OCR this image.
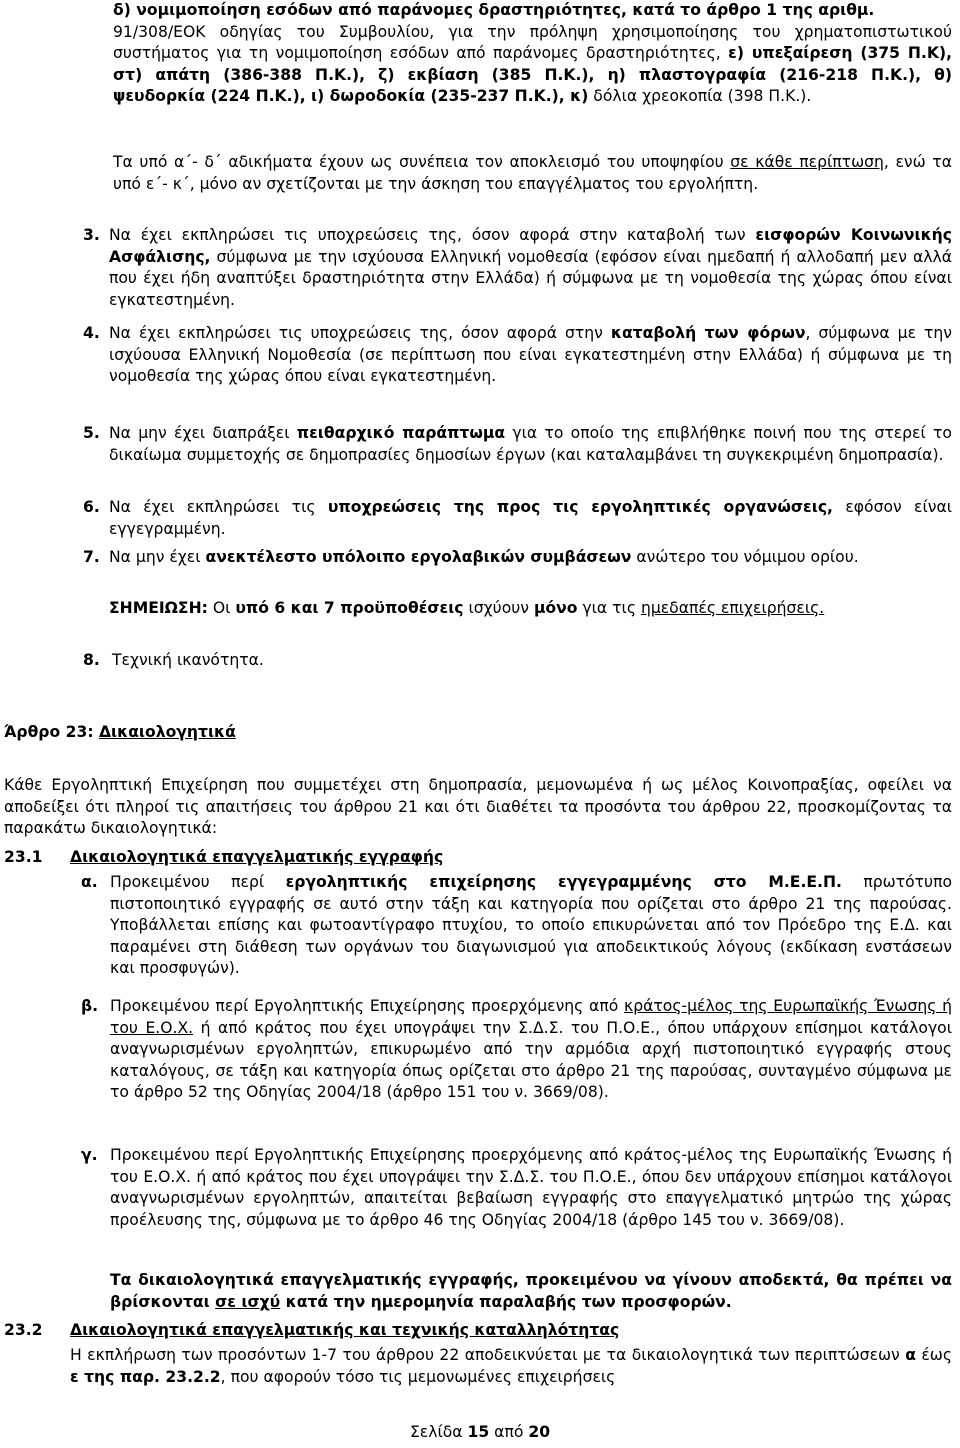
δ) νομιμοποίηση εσόδων από παράνομες δραστηριότητες, κατά το άρθρο 1 της αριθμ.
91/308/ΕΟΚ οδηγίας του Συμβουλίου, για την πρόληψη χρησιμοποίησης του χρηματοπιστωτικού συστήματος για τη νομιμοποίηση εσόδων από παράνομες δραστηριότητες, ε) υπεξαίρεση (375 Π.Κ), στ) απάτη (386-388 Π.Κ.), ζ) εκβίαση (385 Π.Κ.), η) πλαστογραφία (216-218 Π.Κ.), θ) ψευδορκία (224 Π.Κ.), ι) δωροδοκία (235-237 Π.Κ.), κ) δόλια χρεοκοπία (398 Π.Κ.).
Τα υπό α΄- δ΄ αδικήματα έχουν ως συνέπεια τον αποκλεισμό του υποψηφίου σε κάθε περίπτωση, ενώ τα υπό ε΄- κ΄, μόνο αν σχετίζονται με την άσκηση του επαγγέλματος του εργολήπτη.
3. Να έχει εκπληρώσει τις υποχρεώσεις της, όσον αφορά στην καταβολή των εισφορών Κοινωνικής Ασφάλισης, σύμφωνα με την ισχύουσα Ελληνική νομοθεσία (εφόσον είναι ημεδαπή ή αλλοδαπή μεν αλλά που έχει ήδη αναπτύξει δραστηριότητα στην Ελλάδα) ή σύμφωνα με τη νομοθεσία της χώρας όπου είναι εγκατεστημένη.
4. Να έχει εκπληρώσει τις υποχρεώσεις της, όσον αφορά στην καταβολή των φόρων, σύμφωνα με την ισχύουσα Ελληνική Νομοθεσία (σε περίπτωση που είναι εγκατεστημένη στην Ελλάδα) ή σύμφωνα με τη νομοθεσία της χώρας όπου είναι εγκατεστημένη.
5. Να μην έχει διαπράξει πειθαρχικό παράπτωμα για το οποίο της επιβλήθηκε ποινή που της στερεί το δικαίωμα συμμετοχής σε δημοπρασίες δημοσίων έργων (και καταλαμβάνει τη συγκεκριμένη δημοπρασία).
6. Να έχει εκπληρώσει τις υποχρεώσεις της προς τις εργοληπτικές οργανώσεις, εφόσον είναι εγγεγραμμένη.
7. Να μην έχει ανεκτέλεστο υπόλοιπο εργολαβικών συμβάσεων ανώτερο του νόμιμου ορίου.
ΣΗΜΕΙΩΣΗ: Οι υπό 6 και 7 προϋποθέσεις ισχύουν μόνο για τις ημεδαπές επιχειρήσεις.
8. Τεχνική ικανότητα.
Άρθρο 23: Δικαιολογητικά
Κάθε Εργοληπτική Επιχείρηση που συμμετέχει στη δημοπρασία, μεμονωμένα ή ως μέλος Κοινοπραξίας, οφείλει να αποδείξει ότι πληροί τις απαιτήσεις του άρθρου 21 και ότι διαθέτει τα προσόντα του άρθρου 22, προσκομίζοντας τα παρακάτω δικαιολογητικά:
23.1 Δικαιολογητικά επαγγελματικής εγγραφής
α. Προκειμένου περί εργοληπτικής επιχείρησης εγγεγραμμένης στο Μ.Ε.Ε.Π. πρωτότυπο πιστοποιητικό εγγραφής σε αυτό στην τάξη και κατηγορία που ορίζεται στο άρθρο 21 της παρούσας. Υποβάλλεται επίσης και φωτοαντίγραφο πτυχίου, το οποίο επικυρώνεται από τον Πρόεδρο της Ε.Δ. και παραμένει στη διάθεση των οργάνων του διαγωνισμού για αποδεικτικούς λόγους (εκδίκαση ενστάσεων και προσφυγών).
β. Προκειμένου περί Εργοληπτικής Επιχείρησης προερχόμενης από κράτος-μέλος της Ευρωπαϊκής Ένωσης ή του Ε.Ο.Χ. ή από κράτος που έχει υπογράψει την Σ.Δ.Σ. του Π.Ο.Ε., όπου υπάρχουν επίσημοι κατάλογοι αναγνωρισμένων εργοληπτών, επικυρωμένο από την αρμόδια αρχή πιστοποιητικό εγγραφής στους καταλόγους, σε τάξη και κατηγορία όπως ορίζεται στο άρθρο 21 της παρούσας, συνταγμένο σύμφωνα με το άρθρο 52 της Οδηγίας 2004/18 (άρθρο 151 του ν. 3669/08).
γ. Προκειμένου περί Εργοληπτικής Επιχείρησης προερχόμενης από κράτος-μέλος της Ευρωπαϊκής Ένωσης ή του Ε.Ο.Χ. ή από κράτος που έχει υπογράψει την Σ.Δ.Σ. του Π.Ο.Ε., όπου δεν υπάρχουν επίσημοι κατάλογοι αναγνωρισμένων εργοληπτών, απαιτείται βεβαίωση εγγραφής στο επαγγελματικό μητρώο της χώρας προέλευσης της, σύμφωνα με το άρθρο 46 της Οδηγίας 2004/18 (άρθρο 145 του ν. 3669/08).
Τα δικαιολογητικά επαγγελματικής εγγραφής, προκειμένου να γίνουν αποδεκτά, θα πρέπει να βρίσκονται σε ισχύ κατά την ημερομηνία παραλαβής των προσφορών.
23.2 Δικαιολογητικά επαγγελματικής και τεχνικής καταλληλότητας
Η εκπλήρωση των προσόντων 1-7 του άρθρου 22 αποδεικνύεται με τα δικαιολογητικά των περιπτώσεων α έως ε της παρ. 23.2.2, που αφορούν τόσο τις μεμονωμένες επιχειρήσεις
Σελίδα 15 από 20
